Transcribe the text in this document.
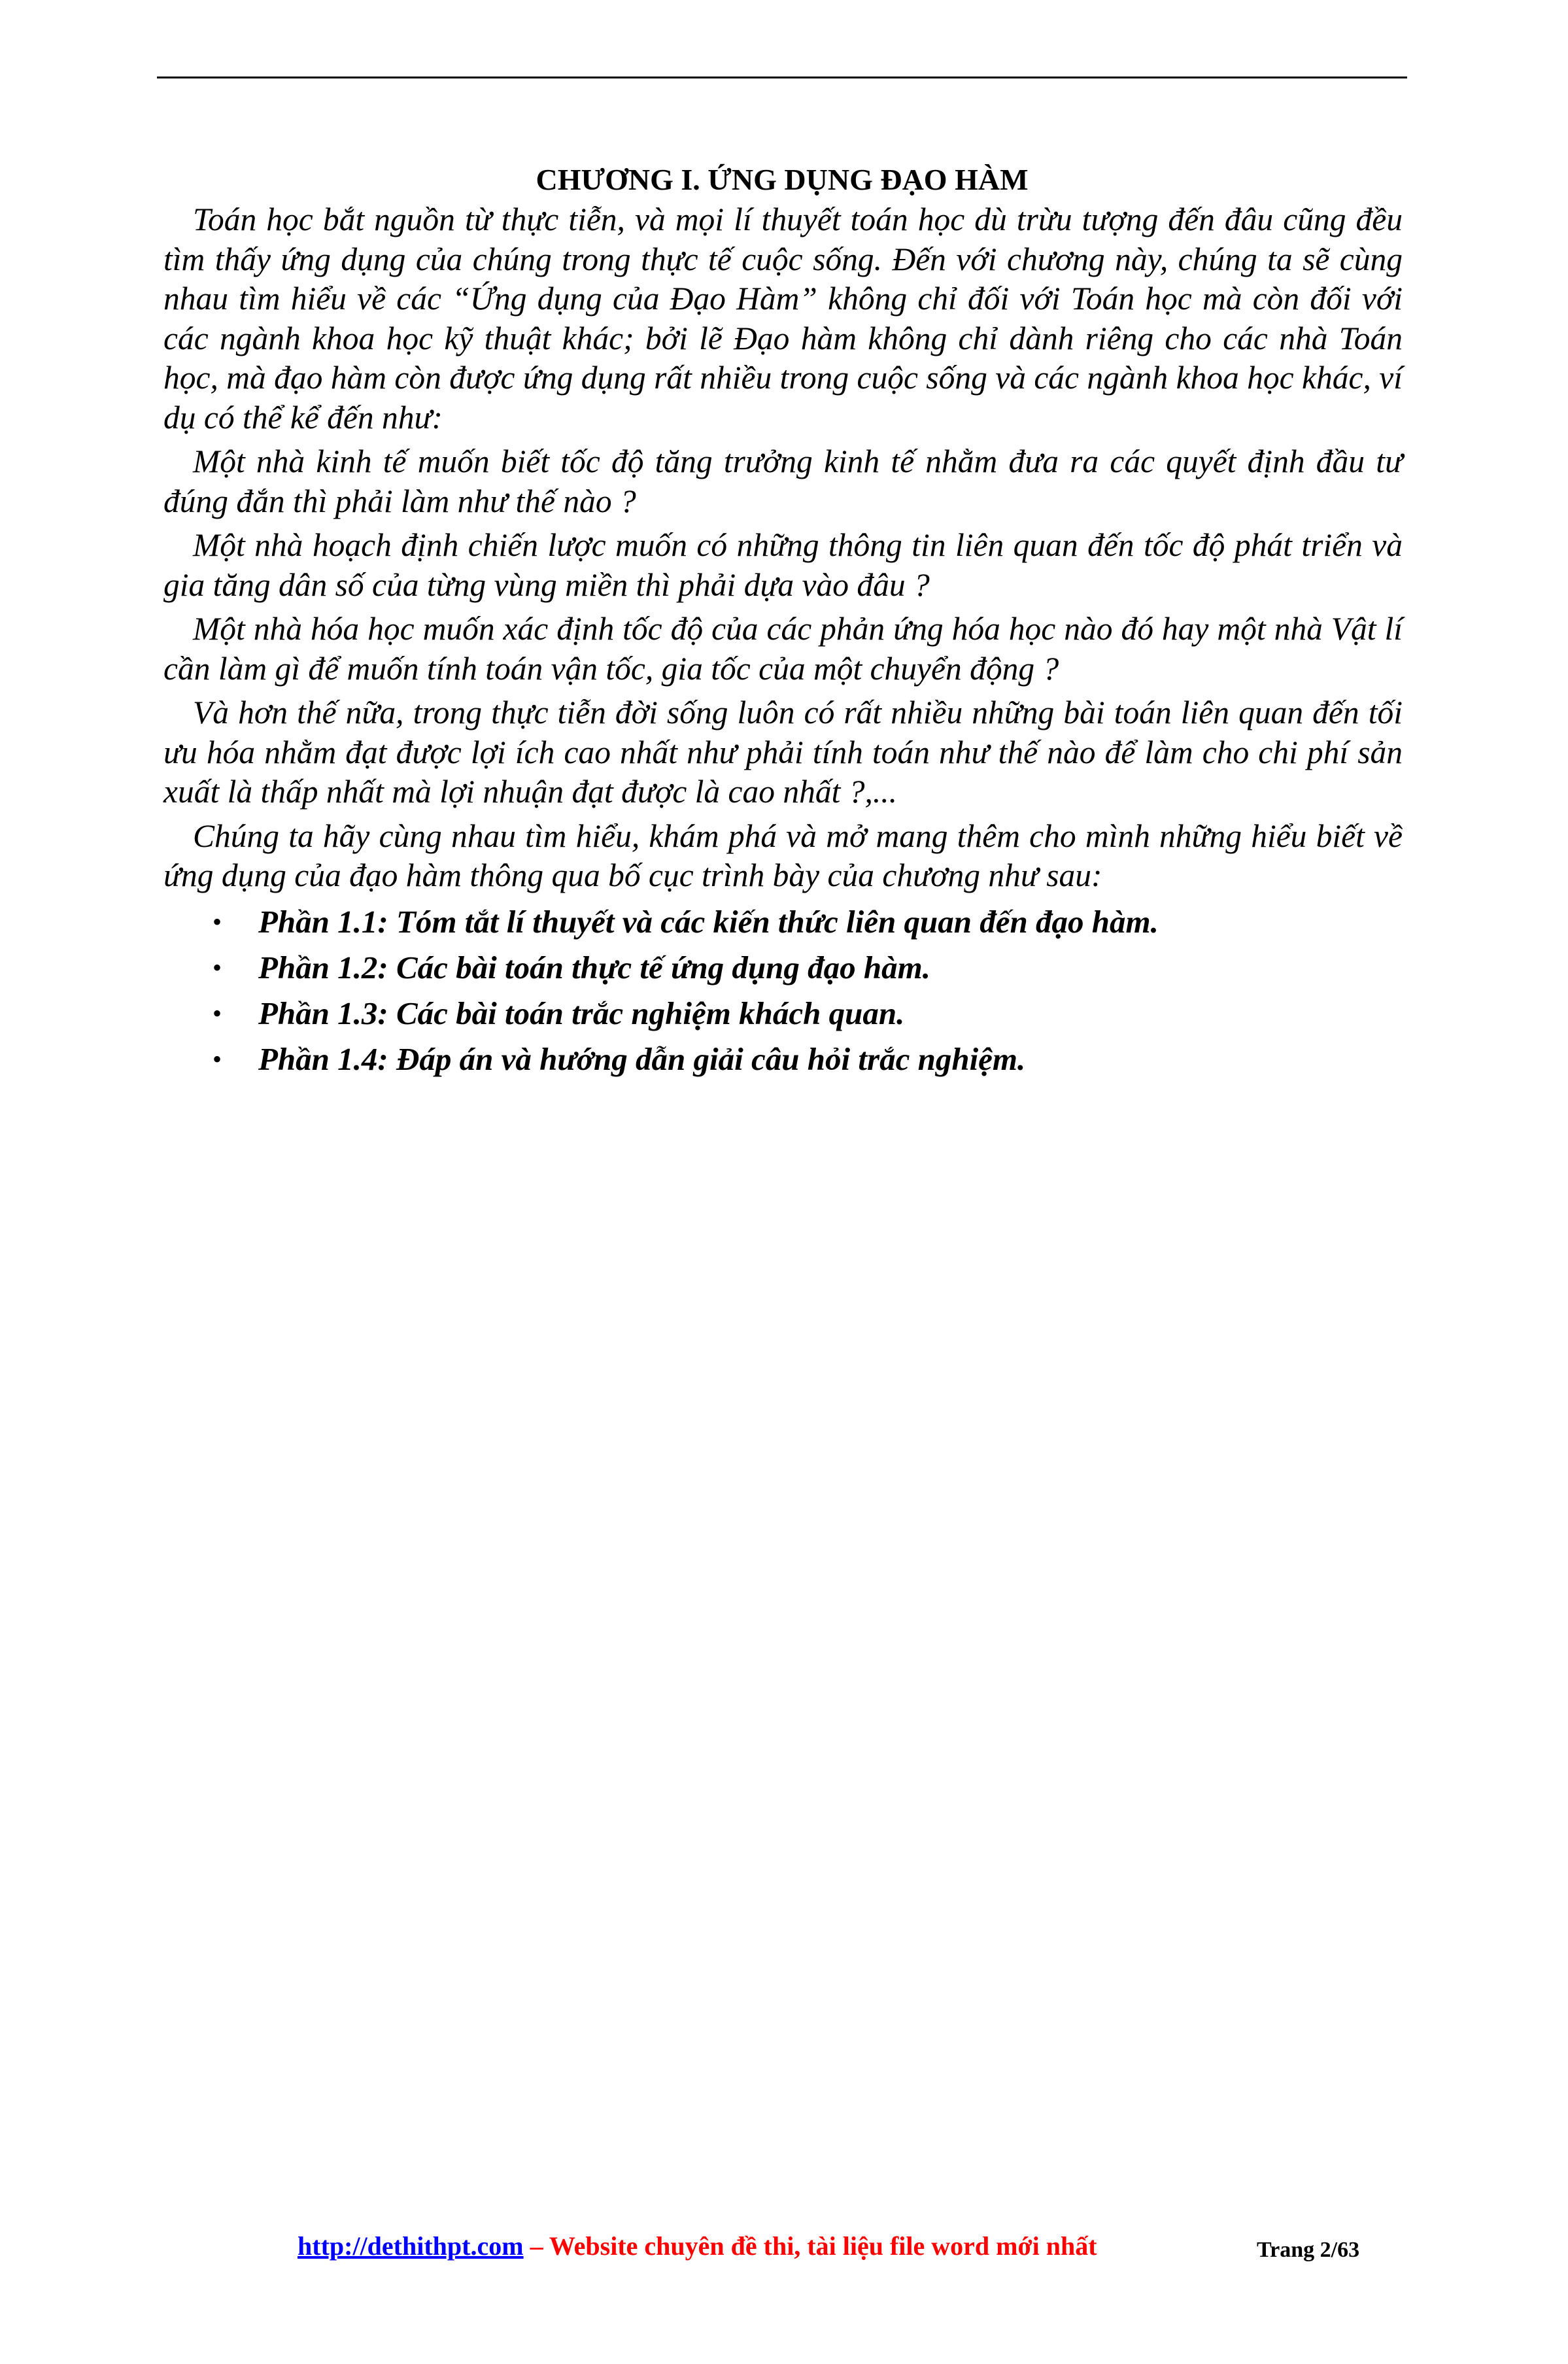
CHƯƠNG I. ỨNG DỤNG ĐẠO HÀM

Toán học bắt nguồn từ thực tiễn, và mọi lí thuyết toán học dù trừu tượng đến đâu cũng đều tìm thấy ứng dụng của chúng trong thực tế cuộc sống. Đến với chương này, chúng ta sẽ cùng nhau tìm hiểu về các “Ứng dụng của Đạo Hàm” không chỉ đối với Toán học mà còn đối với các ngành khoa học kỹ thuật khác; bởi lẽ Đạo hàm không chỉ dành riêng cho các nhà Toán học, mà đạo hàm còn được ứng dụng rất nhiều trong cuộc sống và các ngành khoa học khác, ví dụ có thể kể đến như:

Một nhà kinh tế muốn biết tốc độ tăng trưởng kinh tế nhằm đưa ra các quyết định đầu tư đúng đắn thì phải làm như thế nào ?

Một nhà hoạch định chiến lược muốn có những thông tin liên quan đến tốc độ phát triển và gia tăng dân số của từng vùng miền thì phải dựa vào đâu ?

Một nhà hóa học muốn xác định tốc độ của các phản ứng hóa học nào đó hay một nhà Vật lí cần làm gì để muốn tính toán vận tốc, gia tốc của một chuyển động ?

Và hơn thế nữa, trong thực tiễn đời sống luôn có rất nhiều những bài toán liên quan đến tối ưu hóa nhằm đạt được lợi ích cao nhất như phải tính toán như thế nào để làm cho chi phí sản xuất là thấp nhất mà lợi nhuận đạt được là cao nhất ?,...

Chúng ta hãy cùng nhau tìm hiểu, khám phá và mở mang thêm cho mình những hiểu biết về ứng dụng của đạo hàm thông qua bố cục trình bày của chương như sau:

• Phần 1.1: Tóm tắt lí thuyết và các kiến thức liên quan đến đạo hàm.
• Phần 1.2: Các bài toán thực tế ứng dụng đạo hàm.
• Phần 1.3: Các bài toán trắc nghiệm khách quan.
• Phần 1.4: Đáp án và hướng dẫn giải câu hỏi trắc nghiệm.
http://dethithpt.com – Website chuyên đề thi, tài liệu file word mới nhất	Trang 2/63
